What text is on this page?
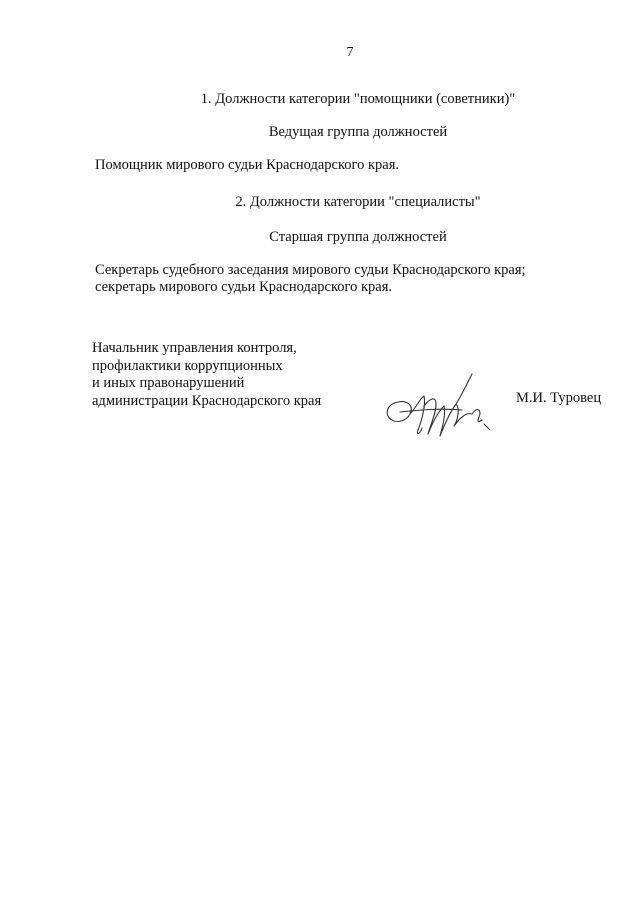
7
1. Должности категории "помощники (советники)"
Ведущая группа должностей
Помощник мирового судьи Краснодарского края.
2. Должности категории "специалисты"
Старшая группа должностей
Секретарь судебного заседания мирового судьи Краснодарского края;
секретарь мирового судьи Краснодарского края.
Начальник управления контроля,
профилактики коррупционных
и иных правонарушений
администрации Краснодарского края	М.И. Туровец
